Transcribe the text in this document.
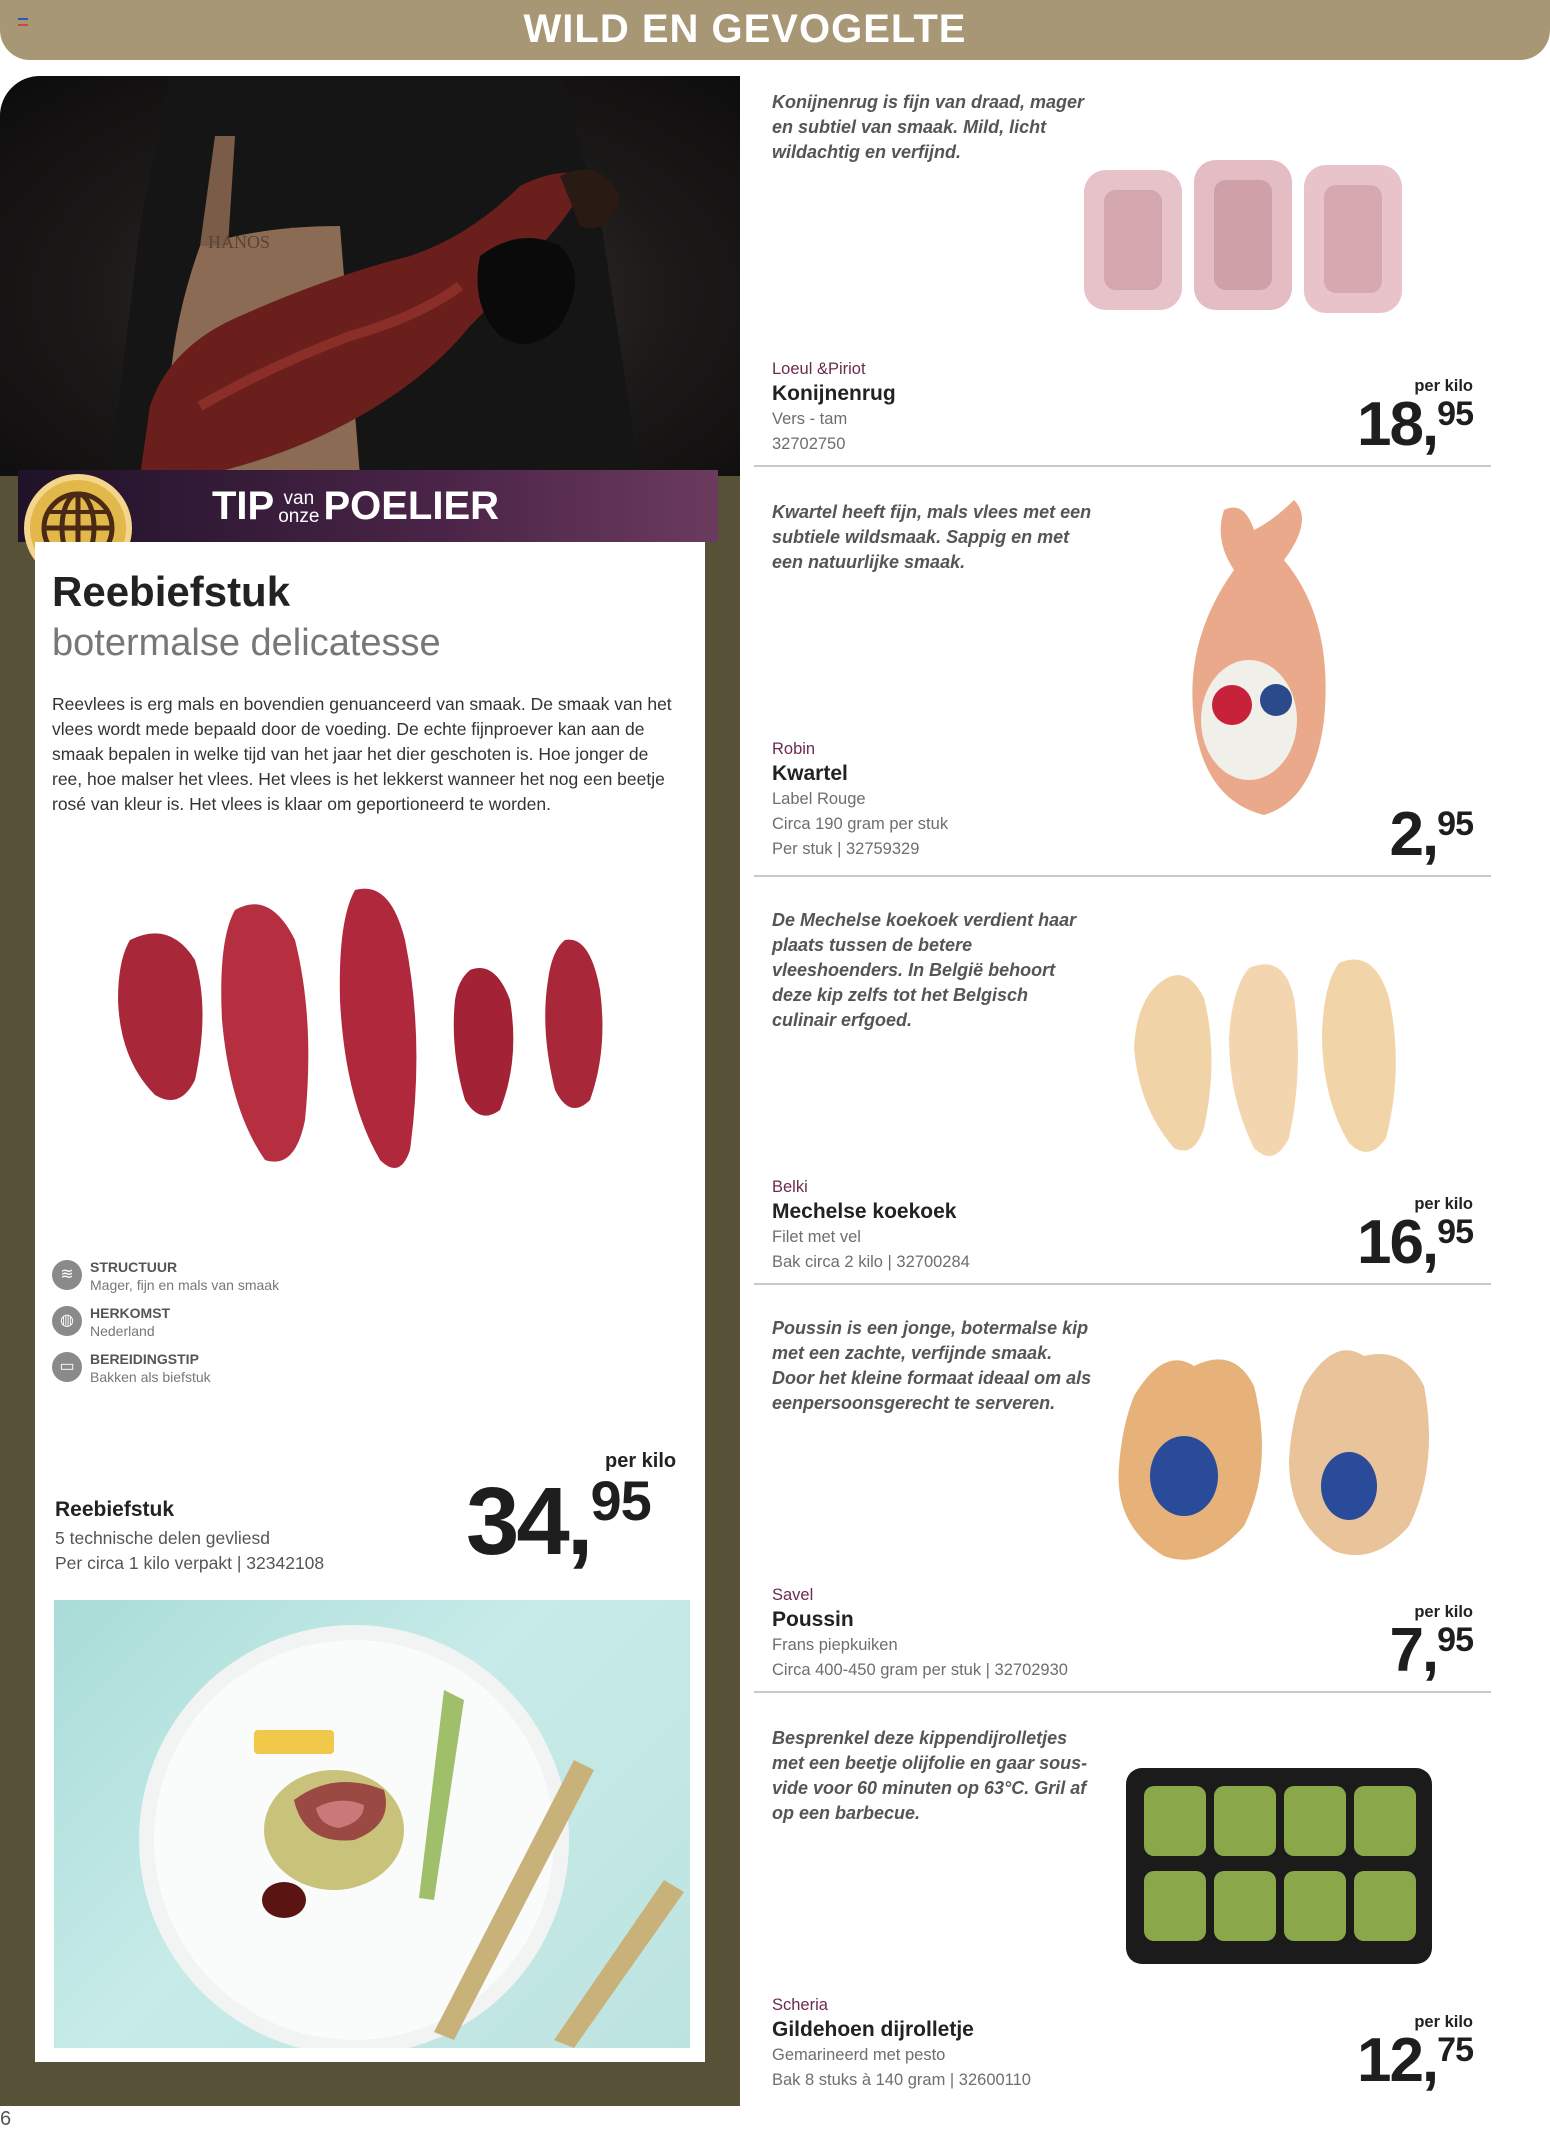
WILD EN GEVOGELTE
HANOS
TIP van
onze POELIER
Reebiefstuk
botermalse delicatesse
Reevlees is erg mals en bovendien genuanceerd van smaak. De smaak van het vlees wordt mede bepaald door de voeding. De echte fijnproever kan aan de smaak bepalen in welke tijd van het jaar het dier geschoten is. Hoe jonger de ree, hoe malser het vlees. Het vlees is het lekkerst wanneer het nog een beetje rosé van kleur is. Het vlees is klaar om geportioneerd te worden.
≋	STRUCTUUR
Mager, fijn en mals van smaak
◍	HERKOMST
Nederland
▭	BEREIDINGSTIP
Bakken als biefstuk
per kilo
34,95
Reebiefstuk
5 technische delen gevliesd
Per circa 1 kilo verpakt | 32342108
Konijnenrug is fijn van draad, mager en subtiel van smaak. Mild, licht wildachtig en verfijnd.
Loeul &Piriot
Konijnenrug
Vers - tam
32702750
per kilo
18,95
Kwartel heeft fijn, mals vlees met een subtiele wildsmaak. Sappig en met een natuurlijke smaak.
Robin
Kwartel
Label Rouge
Circa 190 gram per stuk
Per stuk | 32759329	2,95
De Mechelse koekoek verdient haar plaats tussen de betere vleeshoenders. In België behoort deze kip zelfs tot het Belgisch culinair erfgoed.
Belki
Mechelse koekoek
Filet met vel
Bak circa 2 kilo | 32700284
per kilo
16,95
Poussin is een jonge, botermalse kip met een zachte, verfijnde smaak. Door het kleine formaat ideaal om als eenpersoonsgerecht te serveren.
Savel
Poussin
Frans piepkuiken
Circa 400-450 gram per stuk | 32702930
per kilo
7,95
Besprenkel deze kippendijrolletjes met een beetje olijfolie en gaar sous-vide voor 60 minuten op 63°C. Gril af op een barbecue.
Scheria
Gildehoen dijrolletje
Gemarineerd met pesto
Bak 8 stuks à 140 gram | 32600110
per kilo
12,75
6
